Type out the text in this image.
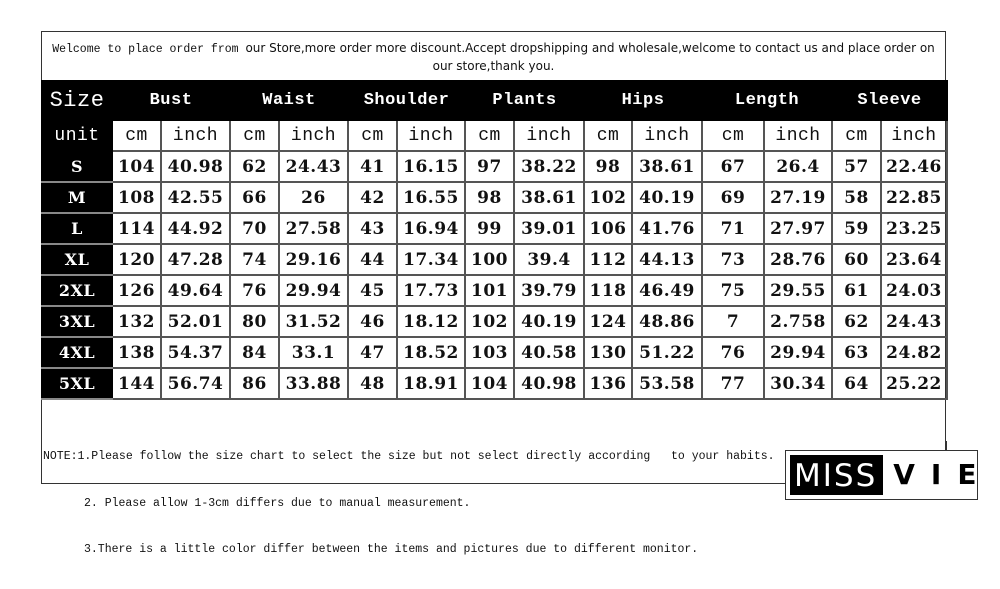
Welcome to place order from our Store,more order more discount.Accept dropshipping and wholesale,welcome to contact us and place order on our store,thank you.
Size	Bust		Waist		Shoulder		Plants		Hips		Length		Sleeve	
unit	cm	inch	cm	inch	cm	inch	cm	inch	cm	inch	cm	inch	cm	inch
S	104	40.98	62	24.43	41	16.15	97	38.22	98	38.61	67	26.4	57	22.46
M	108	42.55	66	26	42	16.55	98	38.61	102	40.19	69	27.19	58	22.85
L	114	44.92	70	27.58	43	16.94	99	39.01	106	41.76	71	27.97	59	23.25
XL	120	47.28	74	29.16	44	17.34	100	39.4	112	44.13	73	28.76	60	23.64
2XL	126	49.64	76	29.94	45	17.73	101	39.79	118	46.49	75	29.55	61	24.03
3XL	132	52.01	80	31.52	46	18.12	102	40.19	124	48.86	7	2.758	62	24.43
4XL	138	54.37	84	33.1	47	18.52	103	40.58	130	51.22	76	29.94	63	24.82
5XL	144	56.74	86	33.88	48	18.91	104	40.98	136	53.58	77	30.34	64	25.22

NOTE:1.Please follow the size chart to select the size but not select directly according   to your habits.

2. Please allow 1-3cm differs due to manual measurement.

3.There is a little color differ between the items and pictures due to different monitor.

MISS VIE
